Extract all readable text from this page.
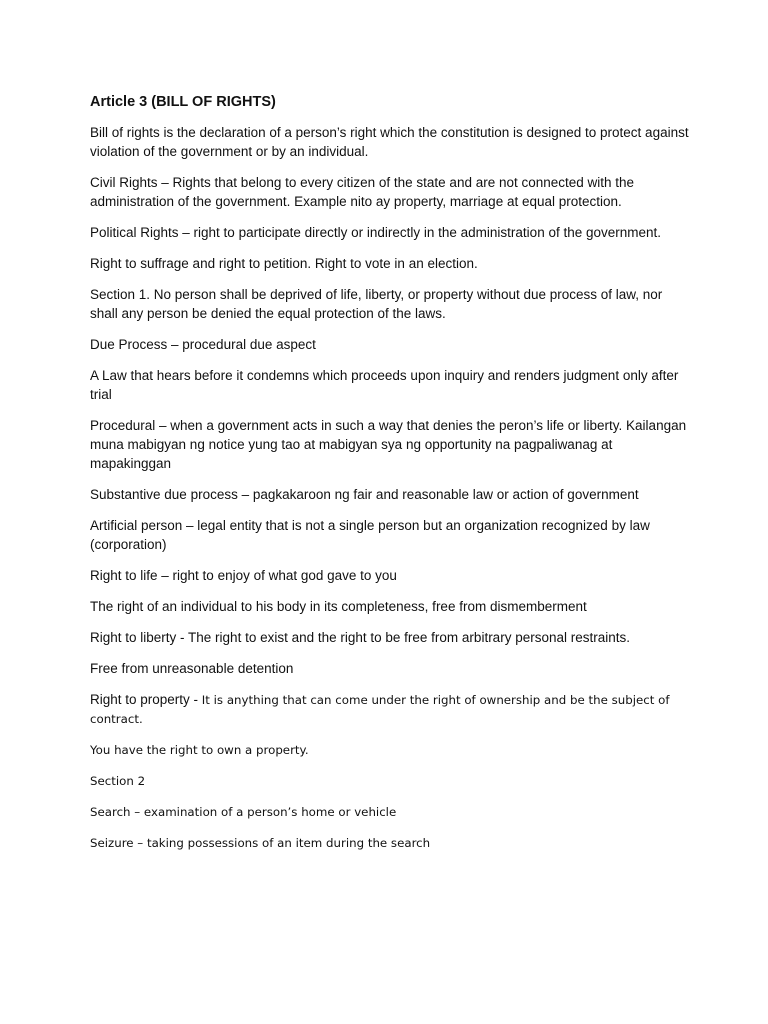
Article 3 (BILL OF RIGHTS)
Bill of rights is the declaration of a person’s right which the constitution is designed to protect against violation of the government or by an individual.
Civil Rights – Rights that belong to every citizen of the state and are not connected with the administration of the government. Example nito ay property, marriage at equal protection.
Political Rights – right to participate directly or indirectly in the administration of the government.
Right to suffrage and right to petition. Right to vote in an election.
Section 1. No person shall be deprived of life, liberty, or property without due process of law, nor shall any person be denied the equal protection of the laws.
Due Process – procedural due aspect
A Law that hears before it condemns which proceeds upon inquiry and renders judgment only after trial
Procedural – when a government acts in such a way that denies the peron’s life or liberty. Kailangan muna mabigyan ng notice yung tao at mabigyan sya ng opportunity na pagpaliwanag at mapakinggan
Substantive due process – pagkakaroon ng fair and reasonable law or action of government
Artificial person – legal entity that is not a single person but an organization recognized by law (corporation)
Right to life – right to enjoy of what god gave to you
The right of an individual to his body in its completeness, free from dismemberment
Right to liberty - The right to exist and the right to be free from arbitrary personal restraints.
Free from unreasonable detention
Right to property - It is anything that can come under the right of ownership and be the subject of contract.
You have the right to own a property.
Section 2
Search – examination of a person’s home or vehicle
Seizure – taking possessions of an item during the search
